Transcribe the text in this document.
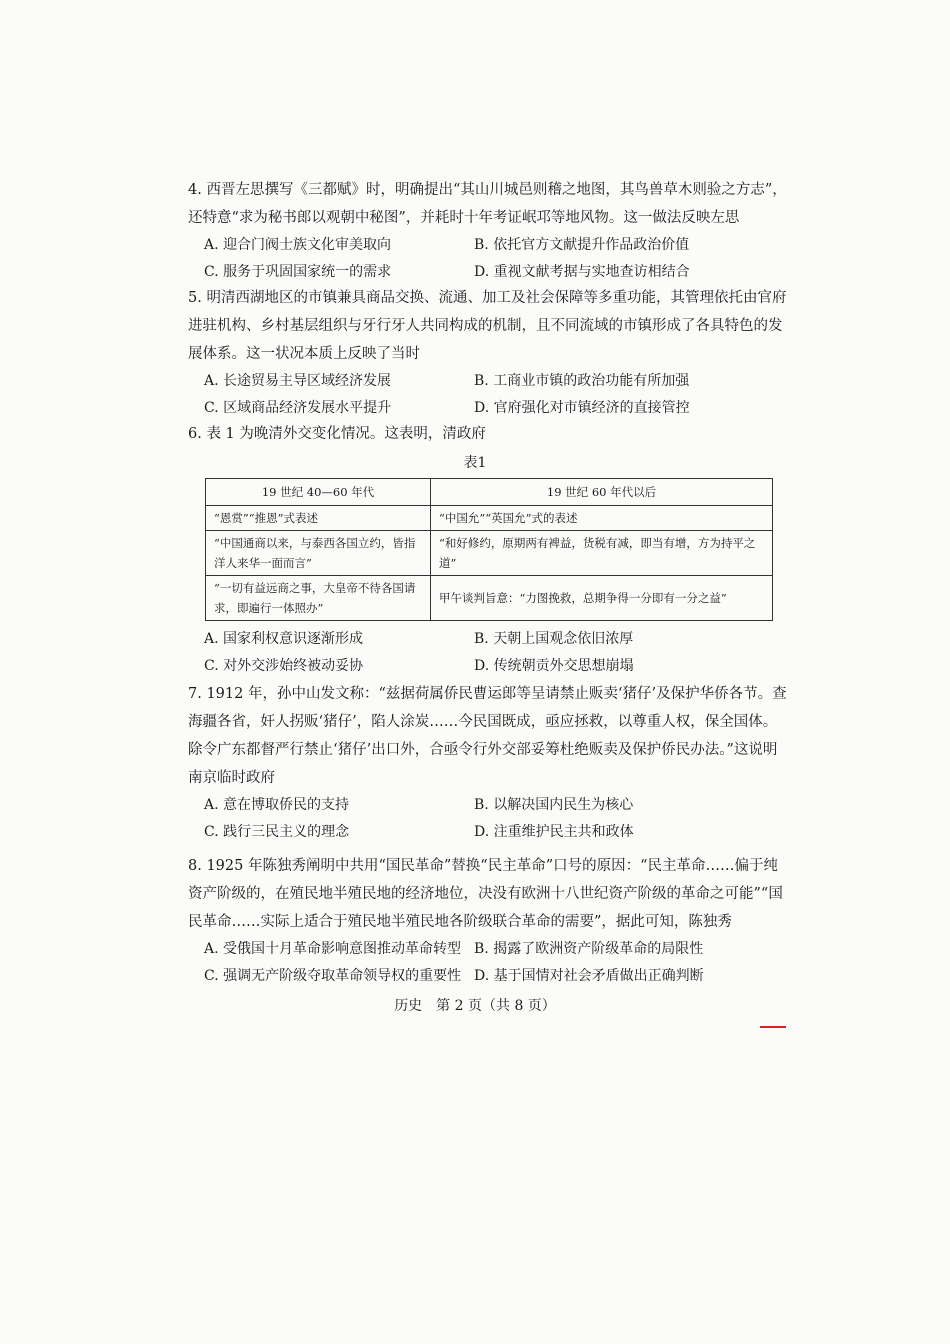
4. 西晋左思撰写《三都赋》时，明确提出“其山川城邑则稽之地图，其鸟兽草木则验之方志”，还特意“求为秘书郎以观朝中秘图”，并耗时十年考证岷邛等地风物。这一做法反映左思

A. 迎合门阀士族文化审美取向	B. 依托官方文献提升作品政治价值
C. 服务于巩固国家统一的需求	D. 重视文献考据与实地查访相结合

5. 明清西湖地区的市镇兼具商品交换、流通、加工及社会保障等多重功能，其管理依托由官府进驻机构、乡村基层组织与牙行牙人共同构成的机制，且不同流域的市镇形成了各具特色的发展体系。这一状况本质上反映了当时

A. 长途贸易主导区域经济发展	B. 工商业市镇的政治功能有所加强
C. 区域商品经济发展水平提升	D. 官府强化对市镇经济的直接管控

6. 表 1 为晚清外交变化情况。这表明，清政府

表1
19 世纪 40—60 年代	19 世纪 60 年代以后
“恩赏”“推恩”式表述	“中国允”“英国允”式的表述
“中国通商以来，与泰西各国立约，皆指洋人来华一面而言”	“和好修约，原期两有裨益，货税有减，即当有增，方为持平之道”
“一切有益远商之事，大皇帝不待各国请求，即遍行一体照办”	甲午谈判旨意：“力图挽救，总期争得一分即有一分之益”
A. 国家利权意识逐渐形成	B. 天朝上国观念依旧浓厚
C. 对外交涉始终被动妥协	D. 传统朝贡外交思想崩塌

7. 1912 年，孙中山发文称：“兹据荷属侨民曹运郎等呈请禁止贩卖‘猪仔’及保护华侨各节。查海疆各省，奸人拐贩‘猪仔’，陷人涂炭……今民国既成，亟应拯救，以尊重人权，保全国体。除令广东都督严行禁止‘猪仔’出口外，合亟令行外交部妥筹杜绝贩卖及保护侨民办法。”这说明南京临时政府

A. 意在博取侨民的支持	B. 以解决国内民生为核心
C. 践行三民主义的理念	D. 注重维护民主共和政体

8. 1925 年陈独秀阐明中共用“国民革命”替换“民主革命”口号的原因：“民主革命……偏于纯资产阶级的，在殖民地半殖民地的经济地位，决没有欧洲十八世纪资产阶级的革命之可能”“国民革命……实际上适合于殖民地半殖民地各阶级联合革命的需要”，据此可知，陈独秀

A. 受俄国十月革命影响意图推动革命转型 B. 揭露了欧洲资产阶级革命的局限性
C. 强调无产阶级夺取革命领导权的重要性 D. 基于国情对社会矛盾做出正确判断
历史　第 2 页（共 8 页）
